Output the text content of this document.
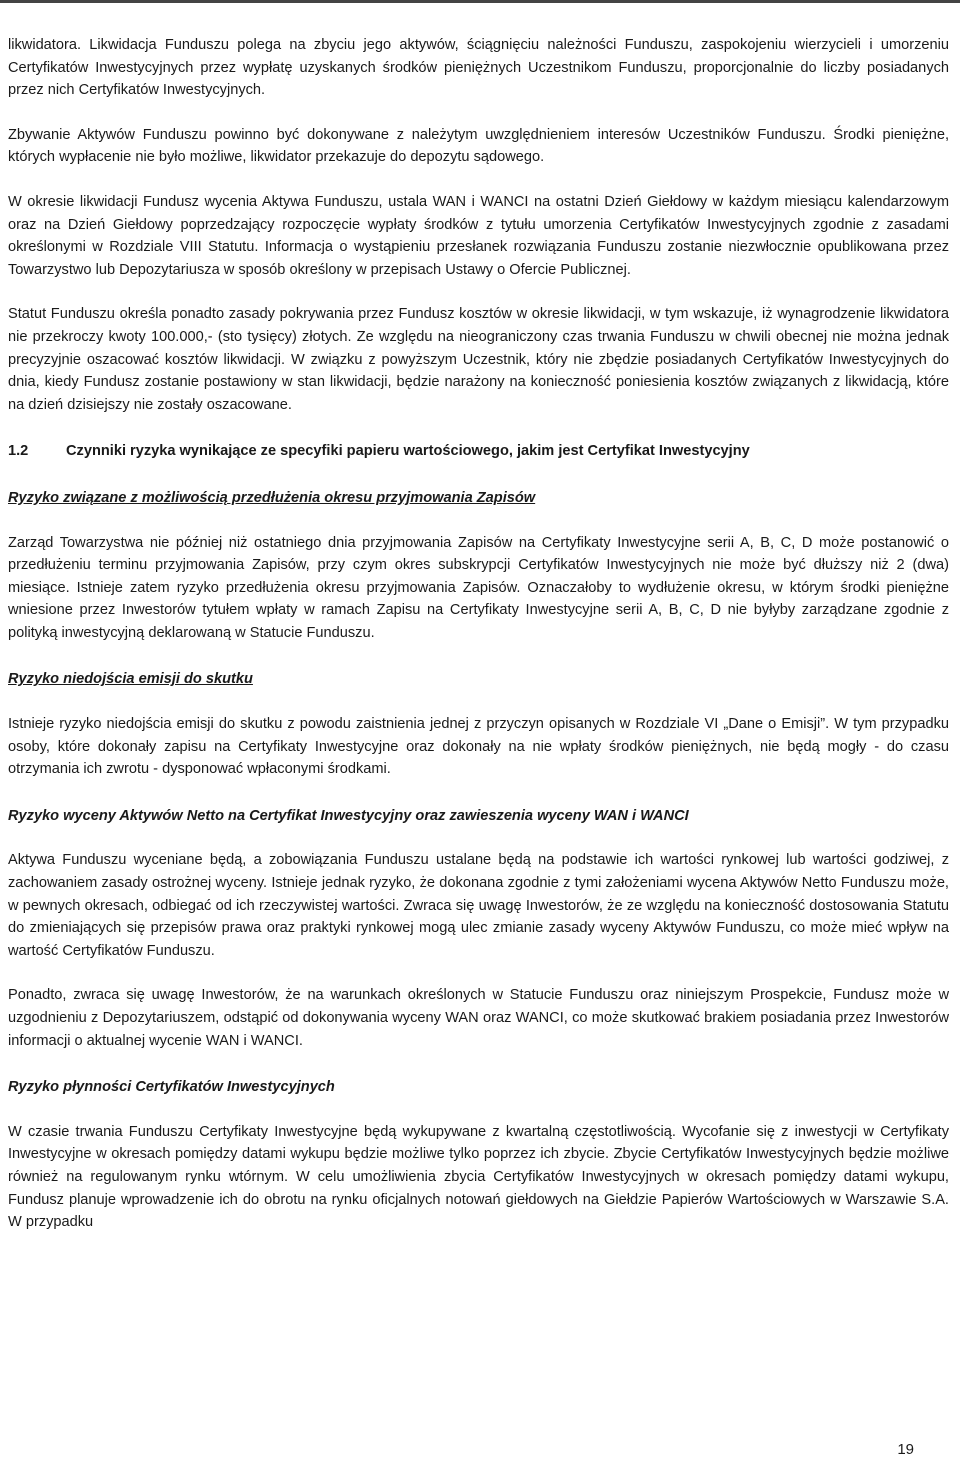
likwidatora. Likwidacja Funduszu polega na zbyciu jego aktywów, ściągnięciu należności Funduszu, zaspokojeniu wierzycieli i umorzeniu Certyfikatów Inwestycyjnych przez wypłatę uzyskanych środków pieniężnych Uczestnikom Funduszu, proporcjonalnie do liczby posiadanych przez nich Certyfikatów Inwestycyjnych.

Zbywanie Aktywów Funduszu powinno być dokonywane z należytym uwzględnieniem interesów Uczestników Funduszu. Środki pieniężne, których wypłacenie nie było możliwe, likwidator przekazuje do depozytu sądowego.

W okresie likwidacji Fundusz wycenia Aktywa Funduszu, ustala WAN i WANCI na ostatni Dzień Giełdowy w każdym miesiącu kalendarzowym oraz na Dzień Giełdowy poprzedzający rozpoczęcie wypłaty środków z tytułu umorzenia Certyfikatów Inwestycyjnych zgodnie z zasadami określonymi w Rozdziale VIII Statutu. Informacja o wystąpieniu przesłanek rozwiązania Funduszu zostanie niezwłocznie opublikowana przez Towarzystwo lub Depozytariusza w sposób określony w przepisach Ustawy o Ofercie Publicznej.

Statut Funduszu określa ponadto zasady pokrywania przez Fundusz kosztów w okresie likwidacji, w tym wskazuje, iż wynagrodzenie likwidatora nie przekroczy kwoty 100.000,- (sto tysięcy) złotych. Ze względu na nieograniczony czas trwania Funduszu w chwili obecnej nie można jednak precyzyjnie oszacować kosztów likwidacji. W związku z powyższym Uczestnik, który nie zbędzie posiadanych Certyfikatów Inwestycyjnych do dnia, kiedy Fundusz zostanie postawiony w stan likwidacji, będzie narażony na konieczność poniesienia kosztów związanych z likwidacją, które na dzień dzisiejszy nie zostały oszacowane.

1.2	Czynniki ryzyka wynikające ze specyfiki papieru wartościowego, jakim jest Certyfikat Inwestycyjny
Ryzyko związane z możliwością przedłużenia okresu przyjmowania Zapisów

Zarząd Towarzystwa nie później niż ostatniego dnia przyjmowania Zapisów na Certyfikaty Inwestycyjne serii A, B, C, D może postanowić o przedłużeniu terminu przyjmowania Zapisów, przy czym okres subskrypcji Certyfikatów Inwestycyjnych nie może być dłuższy niż 2 (dwa) miesiące. Istnieje zatem ryzyko przedłużenia okresu przyjmowania Zapisów. Oznaczałoby to wydłużenie okresu, w którym środki pieniężne wniesione przez Inwestorów tytułem wpłaty w ramach Zapisu na Certyfikaty Inwestycyjne serii A, B, C, D nie byłyby zarządzane zgodnie z polityką inwestycyjną deklarowaną w Statucie Funduszu.

Ryzyko niedojścia emisji do skutku

Istnieje ryzyko niedojścia emisji do skutku z powodu zaistnienia jednej z przyczyn opisanych w Rozdziale VI „Dane o Emisji”. W tym przypadku osoby, które dokonały zapisu na Certyfikaty Inwestycyjne oraz dokonały na nie wpłaty środków pieniężnych, nie będą mogły - do czasu otrzymania ich zwrotu - dysponować wpłaconymi środkami.

Ryzyko wyceny Aktywów Netto na Certyfikat Inwestycyjny oraz zawieszenia wyceny WAN i WANCI

Aktywa Funduszu wyceniane będą, a zobowiązania Funduszu ustalane będą na podstawie ich wartości rynkowej lub wartości godziwej, z zachowaniem zasady ostrożnej wyceny. Istnieje jednak ryzyko, że dokonana zgodnie z tymi założeniami wycena Aktywów Netto Funduszu może, w pewnych okresach, odbiegać od ich rzeczywistej wartości. Zwraca się uwagę Inwestorów, że ze względu na konieczność dostosowania Statutu do zmieniających się przepisów prawa oraz praktyki rynkowej mogą ulec zmianie zasady wyceny Aktywów Funduszu, co może mieć wpływ na wartość Certyfikatów Funduszu.

Ponadto, zwraca się uwagę Inwestorów, że na warunkach określonych w Statucie Funduszu oraz niniejszym Prospekcie, Fundusz może w uzgodnieniu z Depozytariuszem, odstąpić od dokonywania wyceny WAN oraz WANCI, co może skutkować brakiem posiadania przez Inwestorów informacji o aktualnej wycenie WAN i WANCI.

Ryzyko płynności Certyfikatów Inwestycyjnych

W czasie trwania Funduszu Certyfikaty Inwestycyjne będą wykupywane z kwartalną częstotliwością. Wycofanie się z inwestycji w Certyfikaty Inwestycyjne w okresach pomiędzy datami wykupu będzie możliwe tylko poprzez ich zbycie. Zbycie Certyfikatów Inwestycyjnych będzie możliwe również na regulowanym rynku wtórnym. W celu umożliwienia zbycia Certyfikatów Inwestycyjnych w okresach pomiędzy datami wykupu, Fundusz planuje wprowadzenie ich do obrotu na rynku oficjalnych notowań giełdowych na Giełdzie Papierów Wartościowych w Warszawie S.A. W przypadku

19
